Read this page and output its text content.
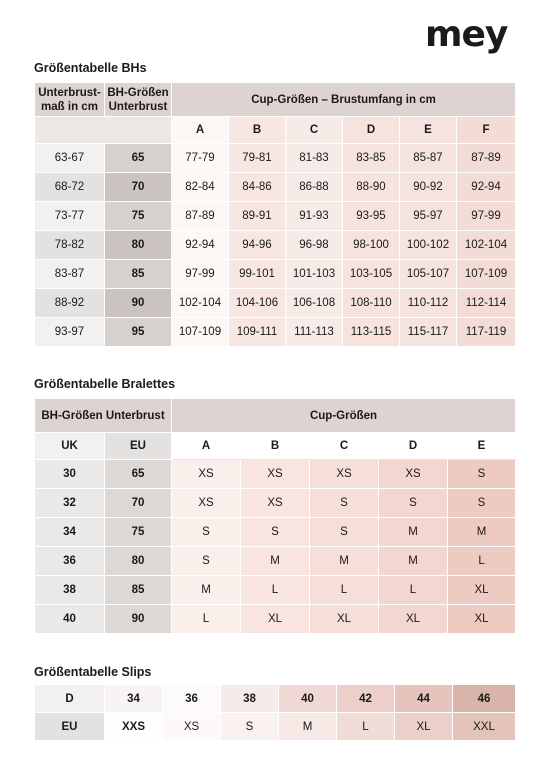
mey
Größentabelle BHs
Unterbrust-maß in cm	BH-Größen Unterbrust	Cup-Größen – Brustumfang in cm					
		A	B	C	D	E	F
63-67	65	77-79	79-81	81-83	83-85	85-87	87-89
68-72	70	82-84	84-86	86-88	88-90	90-92	92-94
73-77	75	87-89	89-91	91-93	93-95	95-97	97-99
78-82	80	92-94	94-96	96-98	98-100	100-102	102-104
83-87	85	97-99	99-101	101-103	103-105	105-107	107-109
88-92	90	102-104	104-106	106-108	108-110	110-112	112-114
93-97	95	107-109	109-111	111-113	113-115	115-117	117-119
Größentabelle Bralettes
BH-Größen Unterbrust		Cup-Größen				
UK	EU	A	B	C	D	E
30	65	XS	XS	XS	XS	S
32	70	XS	XS	S	S	S
34	75	S	S	S	M	M
36	80	S	M	M	M	L
38	85	M	L	L	L	XL
40	90	L	XL	XL	XL	XL
Größentabelle Slips
D	34	36	38	40	42	44	46
EU	XXS	XS	S	M	L	XL	XXL
